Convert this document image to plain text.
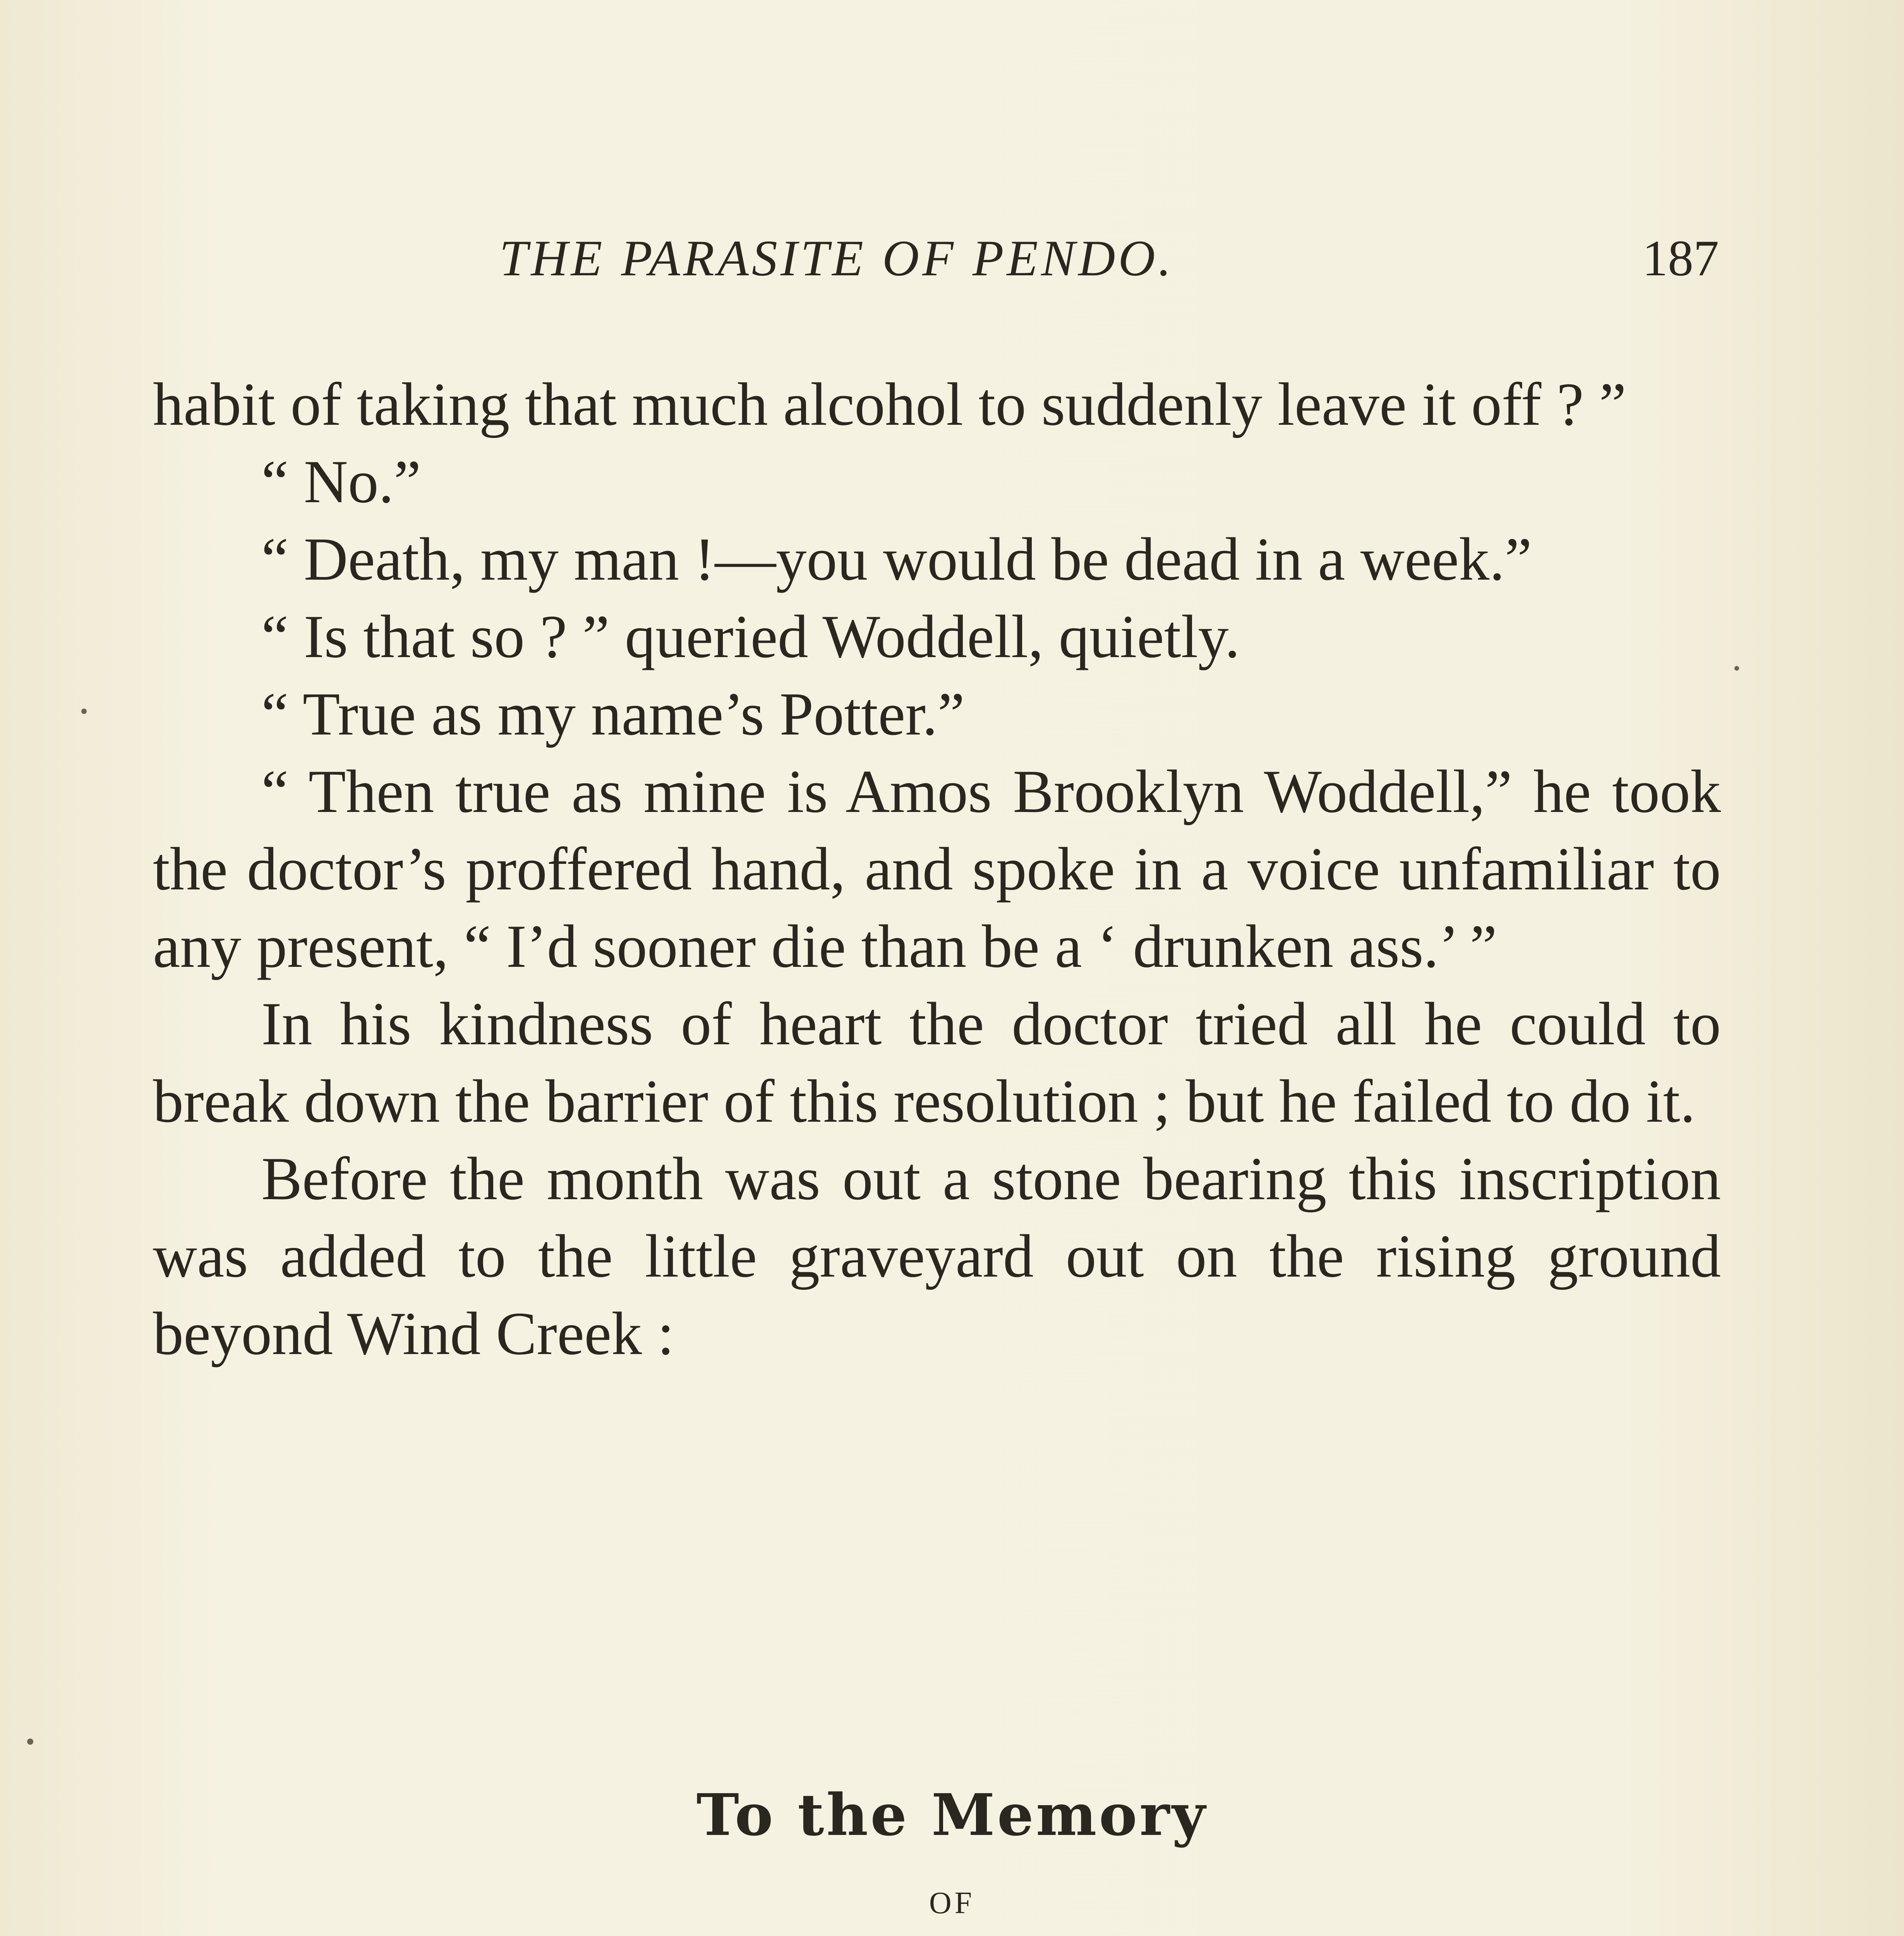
THE PARASITE OF PENDO.	187

habit of taking that much alcohol to suddenly leave it off ? ”

“ No.”

“ Death, my man !—you would be dead in a week.”

“ Is that so ? ” queried Woddell, quietly.

“ True as my name’s Potter.”

“ Then true as mine is Amos Brooklyn Woddell,” he took the doctor’s proffered hand, and spoke in a voice unfamiliar to any present, “ I’d sooner die than be a ‘ drunken ass.’ ”

In his kindness of heart the doctor tried all he could to break down the barrier of this resolution ; but he failed to do it.

Before the month was out a stone bearing this inscription was added to the little graveyard out on the rising ground beyond Wind Creek :

To the Memory
OF
